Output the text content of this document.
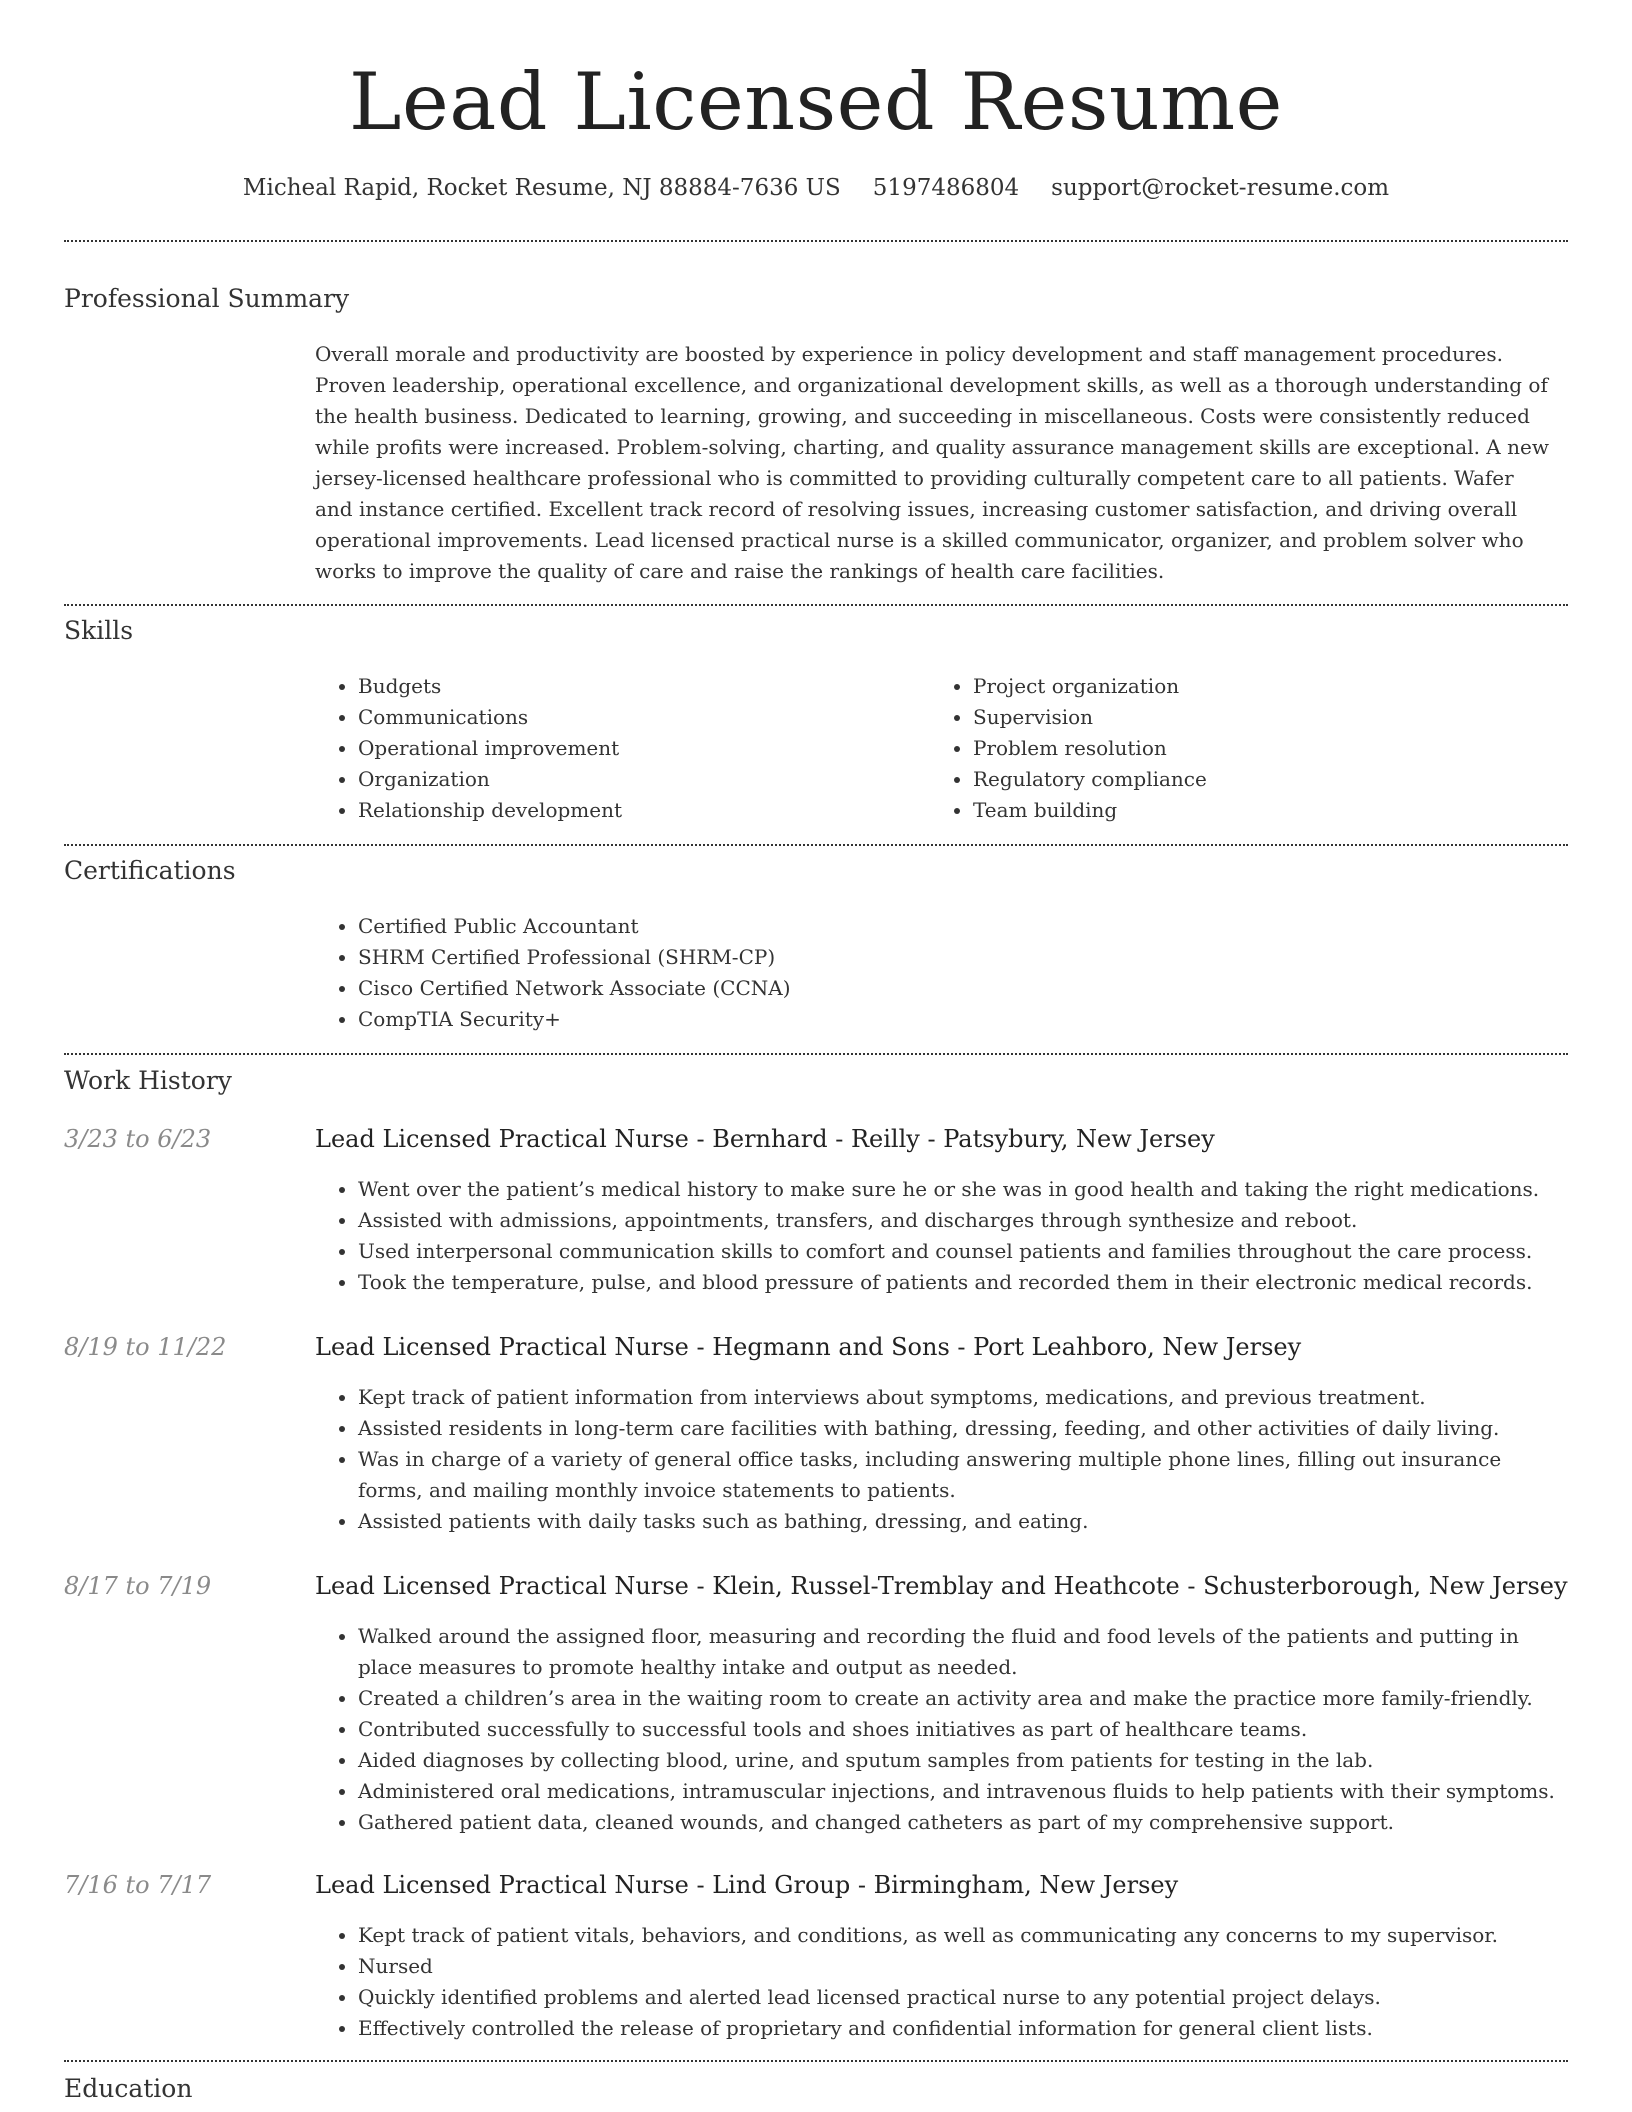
Lead Licensed Resume
Micheal Rapid, Rocket Resume, NJ 88884-7636 US 5197486804 support@rocket-resume.com
Professional Summary

Overall morale and productivity are boosted by experience in policy development and staff management procedures. Proven leadership, operational excellence, and organizational development skills, as well as a thorough understanding of the health business. Dedicated to learning, growing, and succeeding in miscellaneous. Costs were consistently reduced while profits were increased. Problem-solving, charting, and quality assurance management skills are exceptional. A new jersey-licensed healthcare professional who is committed to providing culturally competent care to all patients. Wafer and instance certified. Excellent track record of resolving issues, increasing customer satisfaction, and driving overall operational improvements. Lead licensed practical nurse is a skilled communicator, organizer, and problem solver who works to improve the quality of care and raise the rankings of health care facilities.

Skills
• Budgets
• Communications
• Operational improvement
• Organization
• Relationship development
• Project organization
• Supervision
• Problem resolution
• Regulatory compliance
• Team building
Certifications
• Certified Public Accountant
• SHRM Certified Professional (SHRM-CP)
• Cisco Certified Network Associate (CCNA)
• CompTIA Security+
Work History
3/23 to 6/23	Lead Licensed Practical Nurse - Bernhard - Reilly - Patsybury, New Jersey
• Went over the patient’s medical history to make sure he or she was in good health and taking the right medications.
• Assisted with admissions, appointments, transfers, and discharges through synthesize and reboot.
• Used interpersonal communication skills to comfort and counsel patients and families throughout the care process.
• Took the temperature, pulse, and blood pressure of patients and recorded them in their electronic medical records.
8/19 to 11/22	Lead Licensed Practical Nurse - Hegmann and Sons - Port Leahboro, New Jersey
• Kept track of patient information from interviews about symptoms, medications, and previous treatment.
• Assisted residents in long-term care facilities with bathing, dressing, feeding, and other activities of daily living.
• Was in charge of a variety of general office tasks, including answering multiple phone lines, filling out insurance forms, and mailing monthly invoice statements to patients.
• Assisted patients with daily tasks such as bathing, dressing, and eating.
8/17 to 7/19	Lead Licensed Practical Nurse - Klein, Russel-Tremblay and Heathcote - Schusterborough, New Jersey
• Walked around the assigned floor, measuring and recording the fluid and food levels of the patients and putting in place measures to promote healthy intake and output as needed.
• Created a children’s area in the waiting room to create an activity area and make the practice more family-friendly.
• Contributed successfully to successful tools and shoes initiatives as part of healthcare teams.
• Aided diagnoses by collecting blood, urine, and sputum samples from patients for testing in the lab.
• Administered oral medications, intramuscular injections, and intravenous fluids to help patients with their symptoms.
• Gathered patient data, cleaned wounds, and changed catheters as part of my comprehensive support.
7/16 to 7/17	Lead Licensed Practical Nurse - Lind Group - Birmingham, New Jersey
• Kept track of patient vitals, behaviors, and conditions, as well as communicating any concerns to my supervisor.
• Nursed
• Quickly identified problems and alerted lead licensed practical nurse to any potential project delays.
• Effectively controlled the release of proprietary and confidential information for general client lists.
Education
